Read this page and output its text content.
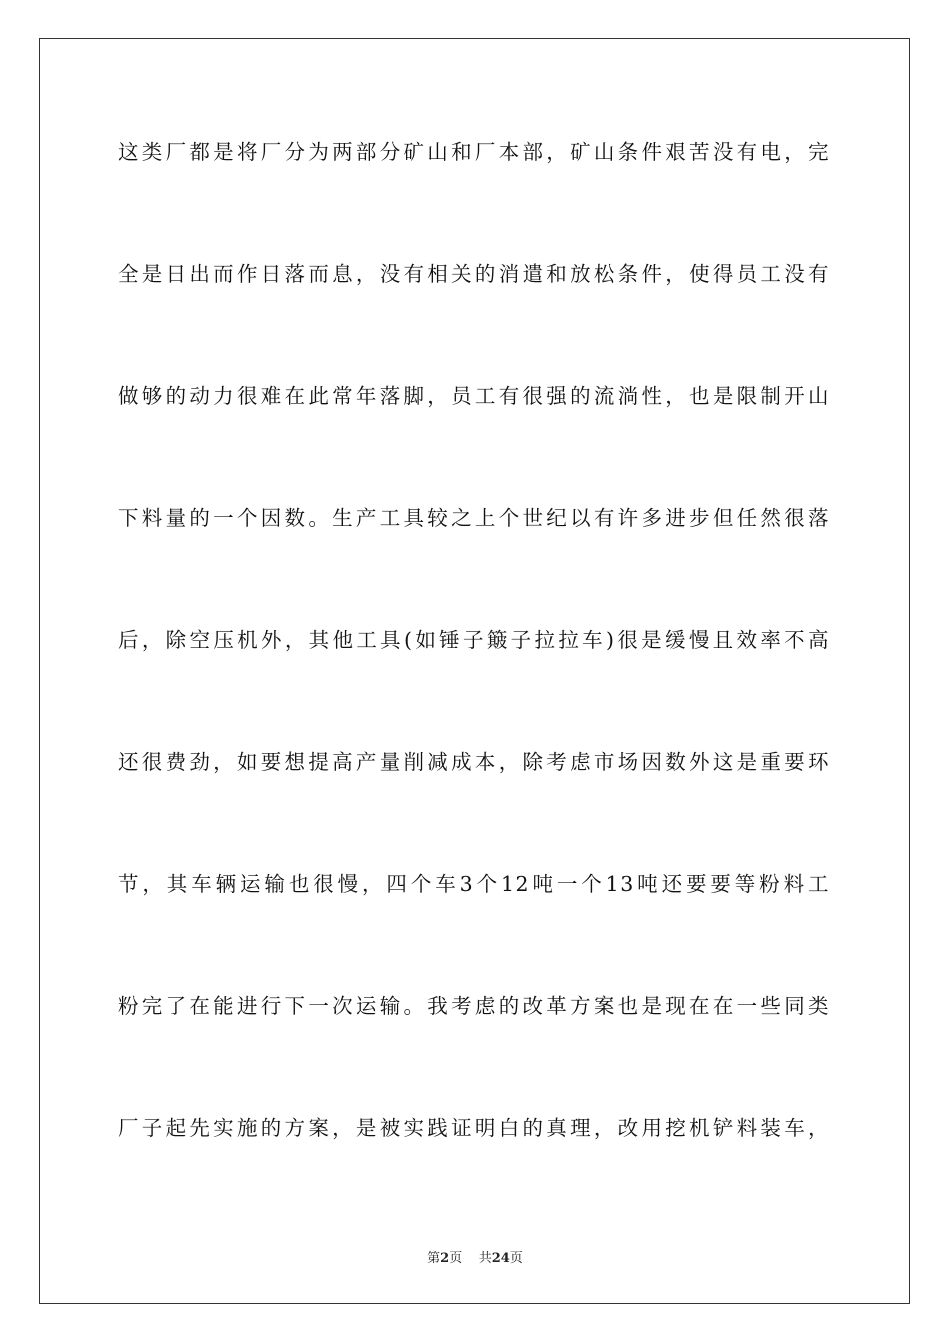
这类厂都是将厂分为两部分矿山和厂本部，矿山条件艰苦没有电，完
全是日出而作日落而息，没有相关的消遣和放松条件，使得员工没有
做够的动力很难在此常年落脚，员工有很强的流淌性，也是限制开山
下料量的一个因数。生产工具较之上个世纪以有许多进步但任然很落
后，除空压机外，其他工具(如锤子簸子拉拉车)很是缓慢且效率不高
还很费劲，如要想提高产量削减成本，除考虑市场因数外这是重要环
节，其车辆运输也很慢，四个车3个12吨一个13吨还要要等粉料工
粉完了在能进行下一次运输。我考虑的改革方案也是现在在一些同类
厂子起先实施的方案，是被实践证明白的真理，改用挖机铲料装车，
第2页 共24页
